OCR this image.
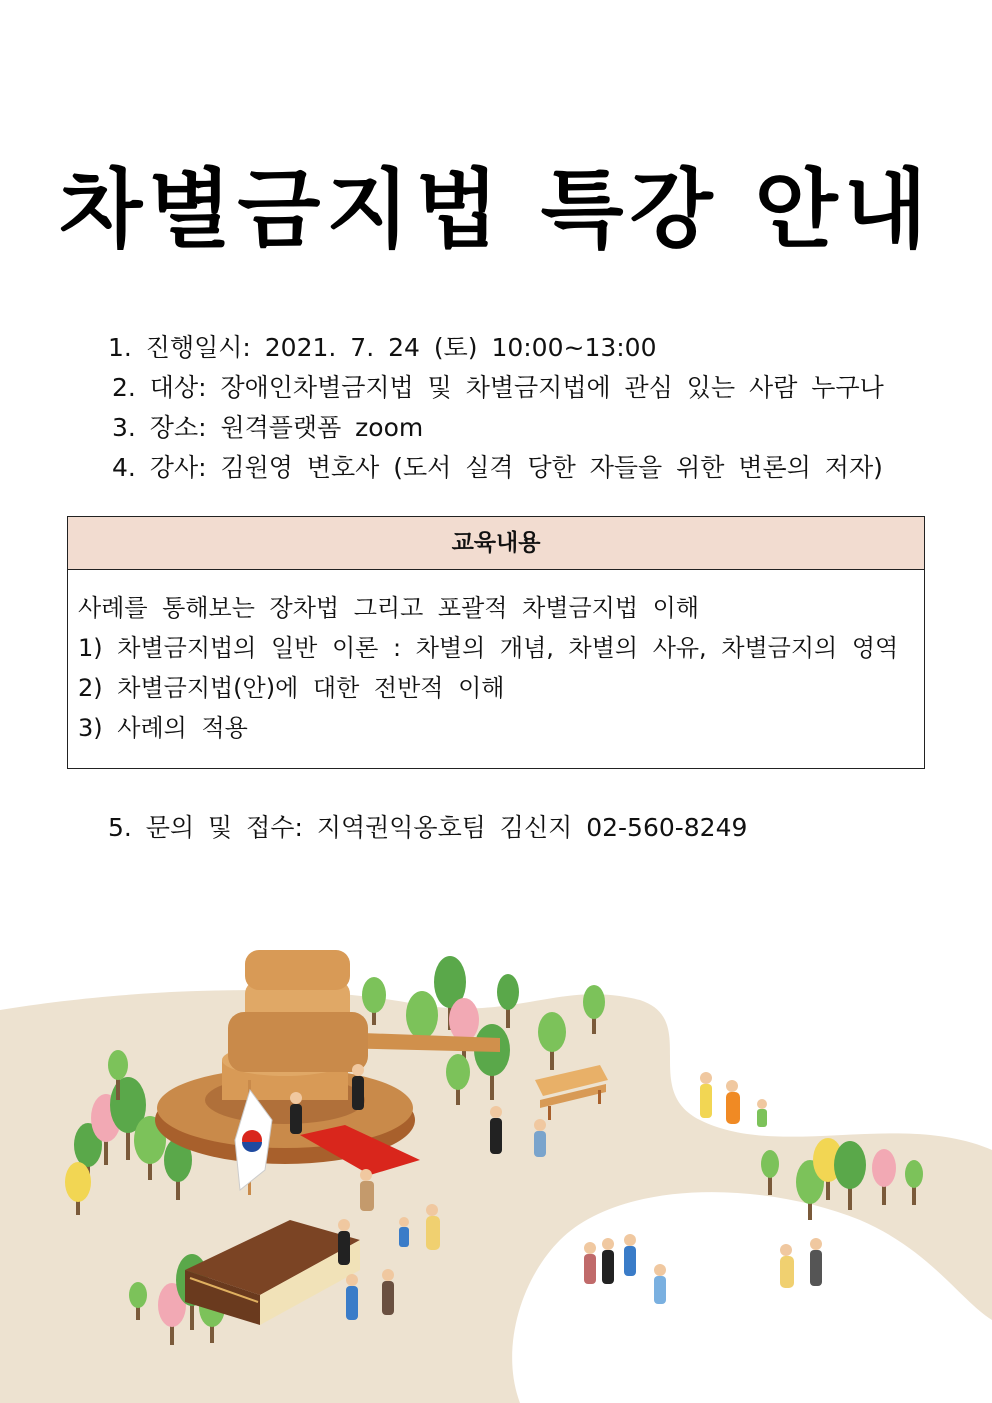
차별금지법 특강 안내
1. 진행일시: 2021. 7. 24 (토) 10:00~13:00
2. 대상: 장애인차별금지법 및 차별금지법에 관심 있는 사람 누구나
3. 장소: 원격플랫폼 zoom
4. 강사: 김원영 변호사 (도서 실격 당한 자들을 위한 변론의 저자)
교육내용
사례를 통해보는 장차법 그리고 포괄적 차별금지법 이해
1) 차별금지법의 일반 이론 : 차별의 개념, 차별의 사유, 차별금지의 영역
2) 차별금지법(안)에 대한 전반적 이해
3) 사례의 적용
5. 문의 및 접수: 지역권익옹호팀 김신지 02-560-8249
